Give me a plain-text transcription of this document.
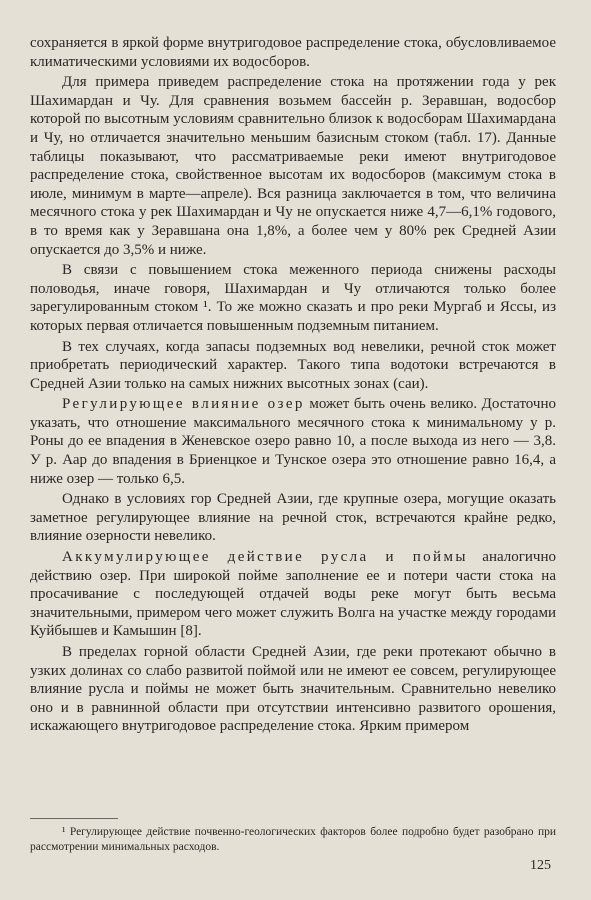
сохраняется в яркой форме внутригодовое распределение стока, обусловливаемое климатическими условиями их водосборов.

Для примера приведем распределение стока на протяжении года у рек Шахимардан и Чу. Для сравнения возьмем бассейн р. Зеравшан, водосбор которой по высотным условиям сравнительно близок к водосборам Шахимардана и Чу, но отличается значительно меньшим базисным стоком (табл. 17). Данные таблицы показывают, что рассматриваемые реки имеют внутригодовое распределение стока, свойственное высотам их водосборов (максимум стока в июле, минимум в марте—апреле). Вся разница заключается в том, что величина месячного стока у рек Шахимардан и Чу не опускается ниже 4,7—6,1% годового, в то время как у Зеравшана она 1,8%, а более чем у 80% рек Средней Азии опускается до 3,5% и ниже.

В связи с повышением стока меженного периода снижены расходы половодья, иначе говоря, Шахимардан и Чу отличаются только более зарегулированным стоком ¹. То же можно сказать и про реки Мургаб и Яссы, из которых первая отличается повышенным подземным питанием.

В тех случаях, когда запасы подземных вод невелики, речной сток может приобретать периодический характер. Такого типа водотоки встречаются в Средней Азии только на самых нижних высотных зонах (саи).

Регулирующее влияние озер может быть очень велико. Достаточно указать, что отношение максимального месячного стока к минимальному у р. Роны до ее впадения в Женевское озеро равно 10, а после выхода из него — 3,8. У р. Аар до впадения в Бриенцкое и Тунское озера это отношение равно 16,4, а ниже озер — только 6,5.

Однако в условиях гор Средней Азии, где крупные озера, могущие оказать заметное регулирующее влияние на речной сток, встречаются крайне редко, влияние озерности невелико.

Аккумулирующее действие русла и поймы аналогично действию озер. При широкой пойме заполнение ее и потери части стока на просачивание с последующей отдачей воды реке могут быть весьма значительными, примером чего может служить Волга на участке между городами Куйбышев и Камышин [8].

В пределах горной области Средней Азии, где реки протекают обычно в узких долинах со слабо развитой поймой или не имеют ее совсем, регулирующее влияние русла и поймы не может быть значительным. Сравнительно невелико оно и в равнинной области при отсутствии интенсивно развитого орошения, искажающего внутригодовое распределение стока. Ярким примером

¹ Регулирующее действие почвенно-геологических факторов более подробно будет разобрано при рассмотрении минимальных расходов.

125
